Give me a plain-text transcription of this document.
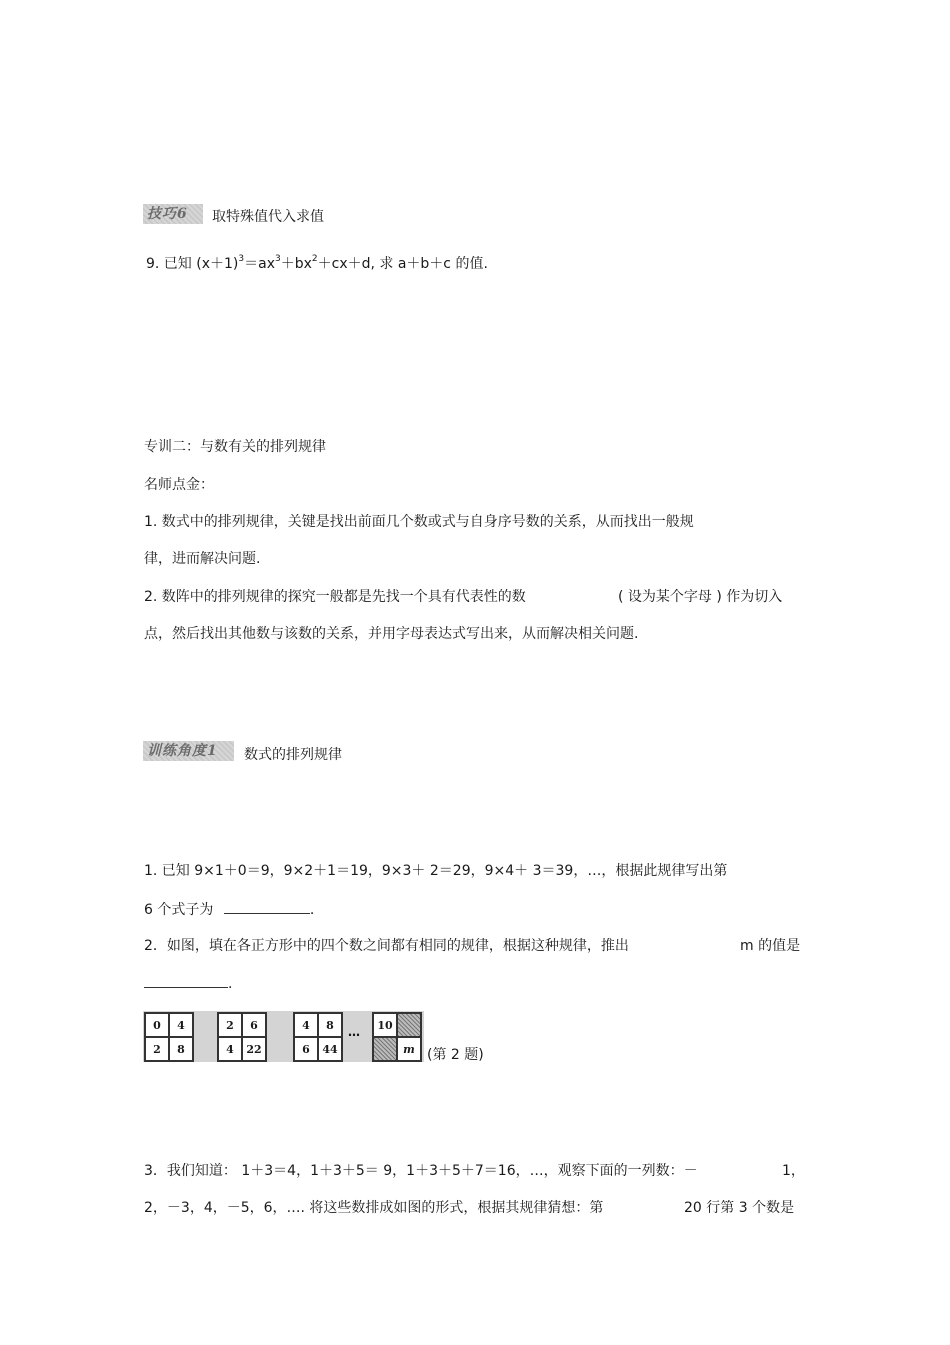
技巧6	取特殊值代入求值
9. 已知 $(x+1)^3=ax^3+bx^2+cx+d$, 求 a＋b＋c 的值.
专训二：与数有关的排列规律
名师点金：
1. 数式中的排列规律，关键是找出前面几个数或式与自身序号数的关系，从而找出一般规
律，进而解决问题.
2. 数阵中的排列规律的探究一般都是先找一个具有代表性的数	( 设为某个字母 ) 作为切入
点，然后找出其他数与该数的关系，并用字母表达式写出来，从而解决相关问题.
训练角度1	数式的排列规律
1. 已知 9×1＋0＝9，9×2＋1＝19，9×3＋ 2＝29，9×4＋ 3＝39，…，根据此规律写出第
6 个式子为	.
2．如图，填在各正方形中的四个数之间都有相同的规律，根据这种规律，推出	m 的值是
.
0	4
2	8
2	6
4	22
4	8
6	44
…	10
m (第 2 题)
3．我们知道： 1＋3＝4，1＋3＋5＝ 9，1＋3＋5＋7＝16，…，观察下面的一列数：－	1，
2，－3，4，－5，6，…. 将这些数排成如图的形式，根据其规律猜想：第	20 行第 3 个数是
